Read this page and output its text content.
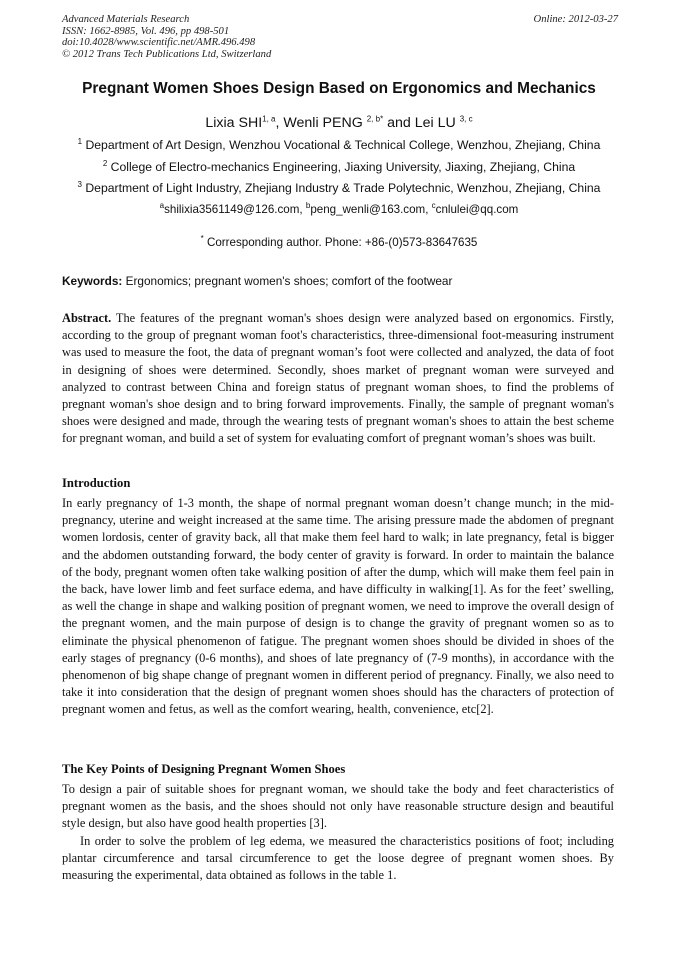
Advanced Materials Research
ISSN: 1662-8985, Vol. 496, pp 498-501
doi:10.4028/www.scientific.net/AMR.496.498
© 2012 Trans Tech Publications Ltd, Switzerland
Online: 2012-03-27
Pregnant Women Shoes Design Based on Ergonomics and Mechanics
Lixia SHI$^{1, a}$, Wenli PENG $^{2, b*}$ and Lei LU $^{3, c}$
$^1$ Department of Art Design, Wenzhou Vocational & Technical College, Wenzhou, Zhejiang, China
$^2$ College of Electro-mechanics Engineering, Jiaxing University, Jiaxing, Zhejiang, China
$^3$ Department of Light Industry, Zhejiang Industry & Trade Polytechnic, Wenzhou, Zhejiang, China
$^a$shilixia3561149@126.com, $^b$peng_wenli@163.com, $^c$cnlulei@qq.com
* Corresponding author. Phone: +86-(0)573-83647635
Keywords: Ergonomics; pregnant women's shoes; comfort of the footwear
Abstract. The features of the pregnant woman's shoes design were analyzed based on ergonomics. Firstly, according to the group of pregnant woman foot's characteristics, three-dimensional foot-measuring instrument was used to measure the foot, the data of pregnant woman’s foot were collected and analyzed, the data of foot in designing of shoes were determined. Secondly, shoes market of pregnant woman were surveyed and analyzed to contrast between China and foreign status of pregnant woman shoes, to find the problems of pregnant woman's shoe design and to bring forward improvements. Finally, the sample of pregnant woman's shoes were designed and made, through the wearing tests of pregnant woman's shoes to attain the best scheme for pregnant woman, and build a set of system for evaluating comfort of pregnant woman’s shoes was built.
Introduction
In early pregnancy of 1-3 month, the shape of normal pregnant woman doesn’t change munch; in the mid-pregnancy, uterine and weight increased at the same time. The arising pressure made the abdomen of pregnant women lordosis, center of gravity back, all that make them feel hard to walk; in late pregnancy, fetal is bigger and the abdomen outstanding forward, the body center of gravity is forward. In order to maintain the balance of the body, pregnant women often take walking position of after the dump, which will make them feel pain in the back, have lower limb and feet surface edema, and have difficulty in walking[1]. As for the feet’ swelling, as well the change in shape and walking position of pregnant women, we need to improve the overall design of the pregnant women, and the main purpose of design is to change the gravity of pregnant women so as to eliminate the physical phenomenon of fatigue. The pregnant women shoes should be divided in shoes of the early stages of pregnancy (0-6 months), and shoes of late pregnancy of (7-9 months), in accordance with the phenomenon of big shape change of pregnant women in different period of pregnancy. Finally, we also need to take it into consideration that the design of pregnant women shoes should has the characters of protection of pregnant women and fetus, as well as the comfort wearing, health, convenience, etc[2].
The Key Points of Designing Pregnant Women Shoes

To design a pair of suitable shoes for pregnant woman, we should take the body and feet characteristics of pregnant women as the basis, and the shoes should not only have reasonable structure design and beautiful style design, but also have good health properties [3].

In order to solve the problem of leg edema, we measured the characteristics positions of foot; including plantar circumference and tarsal circumference to get the loose degree of pregnant women shoes. By measuring the experimental, data obtained as follows in the table 1.
